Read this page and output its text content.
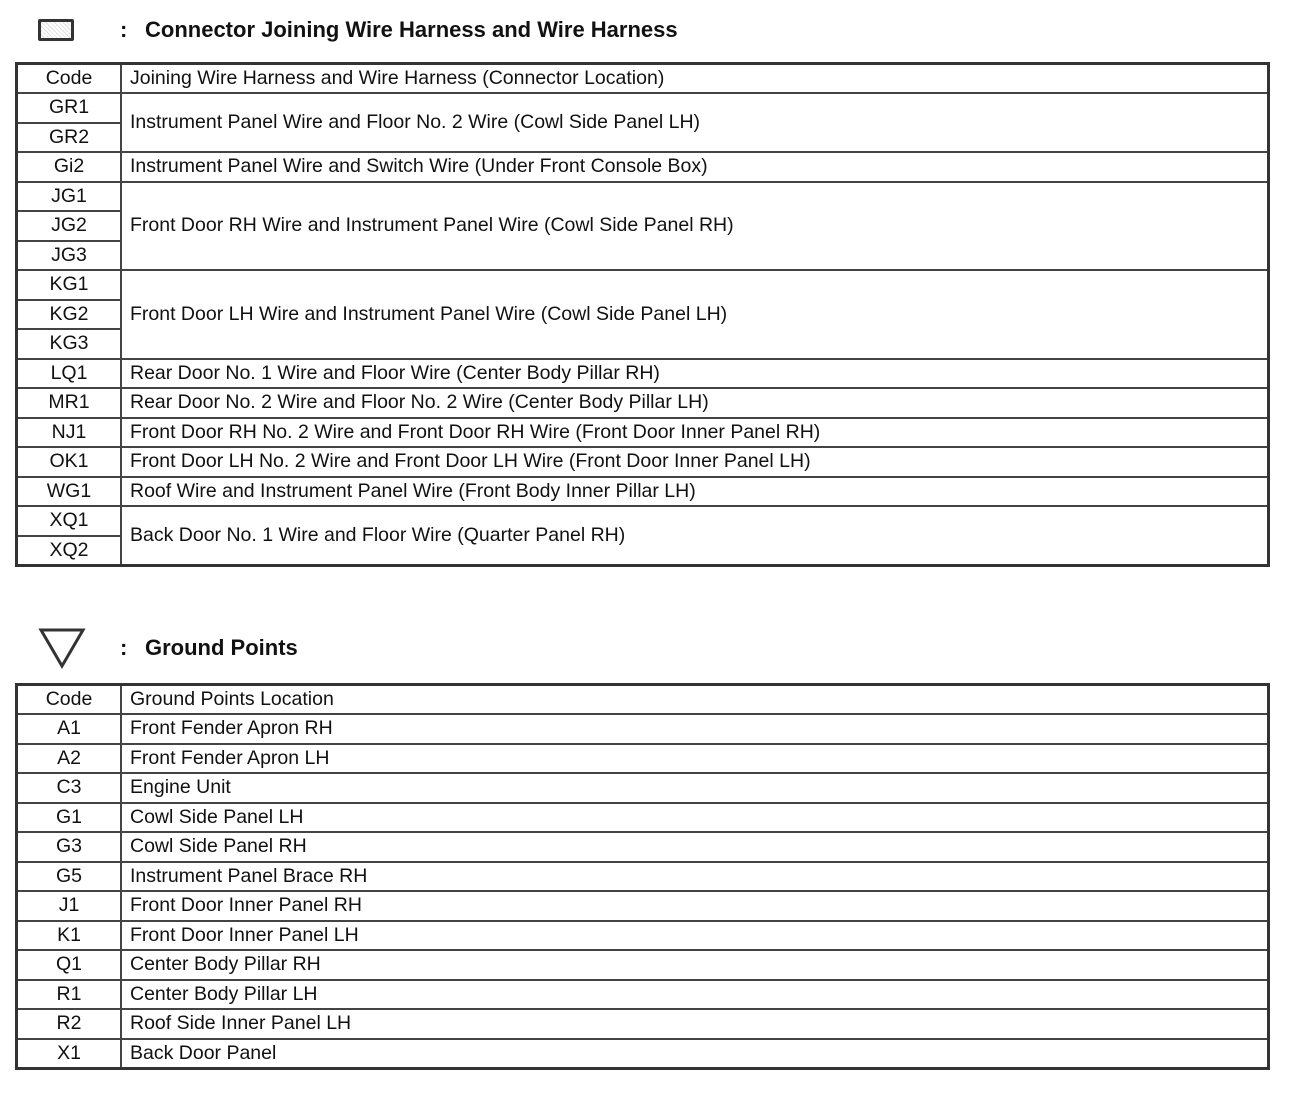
: Connector Joining Wire Harness and Wire Harness
Code	Joining Wire Harness and Wire Harness (Connector Location)
GR1	Instrument Panel Wire and Floor No. 2 Wire (Cowl Side Panel LH)
GR2	
Gi2	Instrument Panel Wire and Switch Wire (Under Front Console Box)
JG1	Front Door RH Wire and Instrument Panel Wire (Cowl Side Panel RH)
JG2	
JG3	
KG1	Front Door LH Wire and Instrument Panel Wire (Cowl Side Panel LH)
KG2	
KG3	
LQ1	Rear Door No. 1 Wire and Floor Wire (Center Body Pillar RH)
MR1	Rear Door No. 2 Wire and Floor No. 2 Wire (Center Body Pillar LH)
NJ1	Front Door RH No. 2 Wire and Front Door RH Wire (Front Door Inner Panel RH)
OK1	Front Door LH No. 2 Wire and Front Door LH Wire (Front Door Inner Panel LH)
WG1	Roof Wire and Instrument Panel Wire (Front Body Inner Pillar LH)
XQ1	Back Door No. 1 Wire and Floor Wire (Quarter Panel RH)
XQ2	
: Ground Points
Code	Ground Points Location
A1	Front Fender Apron RH
A2	Front Fender Apron LH
C3	Engine Unit
G1	Cowl Side Panel LH
G3	Cowl Side Panel RH
G5	Instrument Panel Brace RH
J1	Front Door Inner Panel RH
K1	Front Door Inner Panel LH
Q1	Center Body Pillar RH
R1	Center Body Pillar LH
R2	Roof Side Inner Panel LH
X1	Back Door Panel
